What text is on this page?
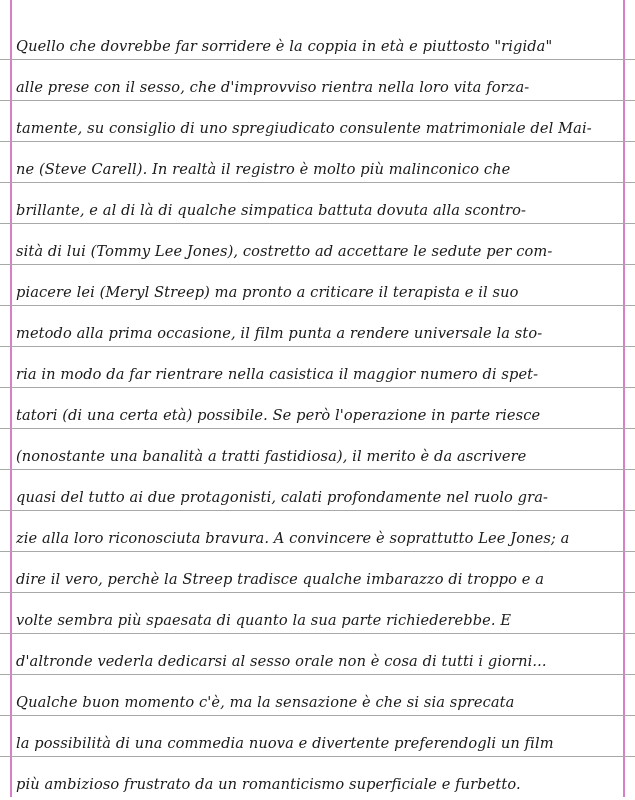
Quello che dovrebbe far sorridere è la coppia in età e piuttosto "rigida"
alle prese con il sesso, che d'improvviso rientra nella loro vita forza-
tamente, su consiglio di uno spregiudicato consulente matrimoniale del Mai-
ne (Steve Carell). In realtà il registro è molto più malinconico che
brillante, e al di là di qualche simpatica battuta dovuta alla scontro-
sità di lui (Tommy Lee Jones), costretto ad accettare le sedute per com-
piacere lei (Meryl Streep) ma pronto a criticare il terapista e il suo
metodo alla prima occasione, il film punta a rendere universale la sto-
ria in modo da far rientrare nella casistica il maggior numero di spet-
tatori (di una certa età) possibile. Se però l'operazione in parte riesce
(nonostante una banalità a tratti fastidiosa), il merito è da ascrivere
quasi del tutto ai due protagonisti, calati profondamente nel ruolo gra-
zie alla loro riconosciuta bravura. A convincere è soprattutto Lee Jones; a
dire il vero, perchè la Streep tradisce qualche imbarazzo di troppo e a
volte sembra più spaesata di quanto la sua parte richiederebbe. E
d'altronde vederla dedicarsi al sesso orale non è cosa di tutti i giorni...
Qualche buon momento c'è, ma la sensazione è che si sia sprecata
la possibilità di una commedia nuova e divertente preferendogli un film
più ambizioso frustrato da un romanticismo superficiale e furbetto.
